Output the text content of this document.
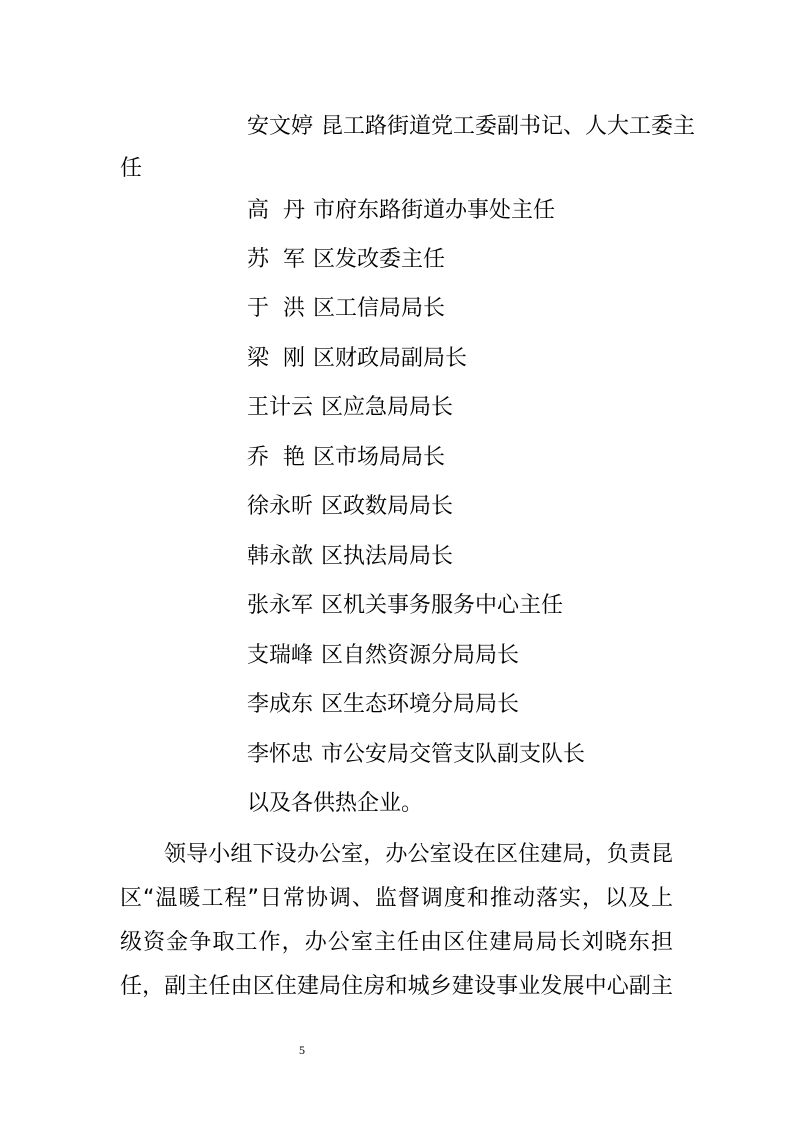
安文婷 昆工路街道党工委副书记、人大工委主
任
高  丹 市府东路街道办事处主任
苏  军 区发改委主任
于  洪 区工信局局长
梁  刚 区财政局副局长
王计云 区应急局局长
乔  艳 区市场局局长
徐永昕 区政数局局长
韩永歆 区执法局局长
张永军 区机关事务服务中心主任
支瑞峰 区自然资源分局局长
李成东 区生态环境分局局长
李怀忠 市公安局交管支队副支队长
以及各供热企业。
领导小组下设办公室，办公室设在区住建局，负责昆
区“温暖工程”日常协调、监督调度和推动落实，以及上
级资金争取工作，办公室主任由区住建局局长刘晓东担
任，副主任由区住建局住房和城乡建设事业发展中心副主
5
